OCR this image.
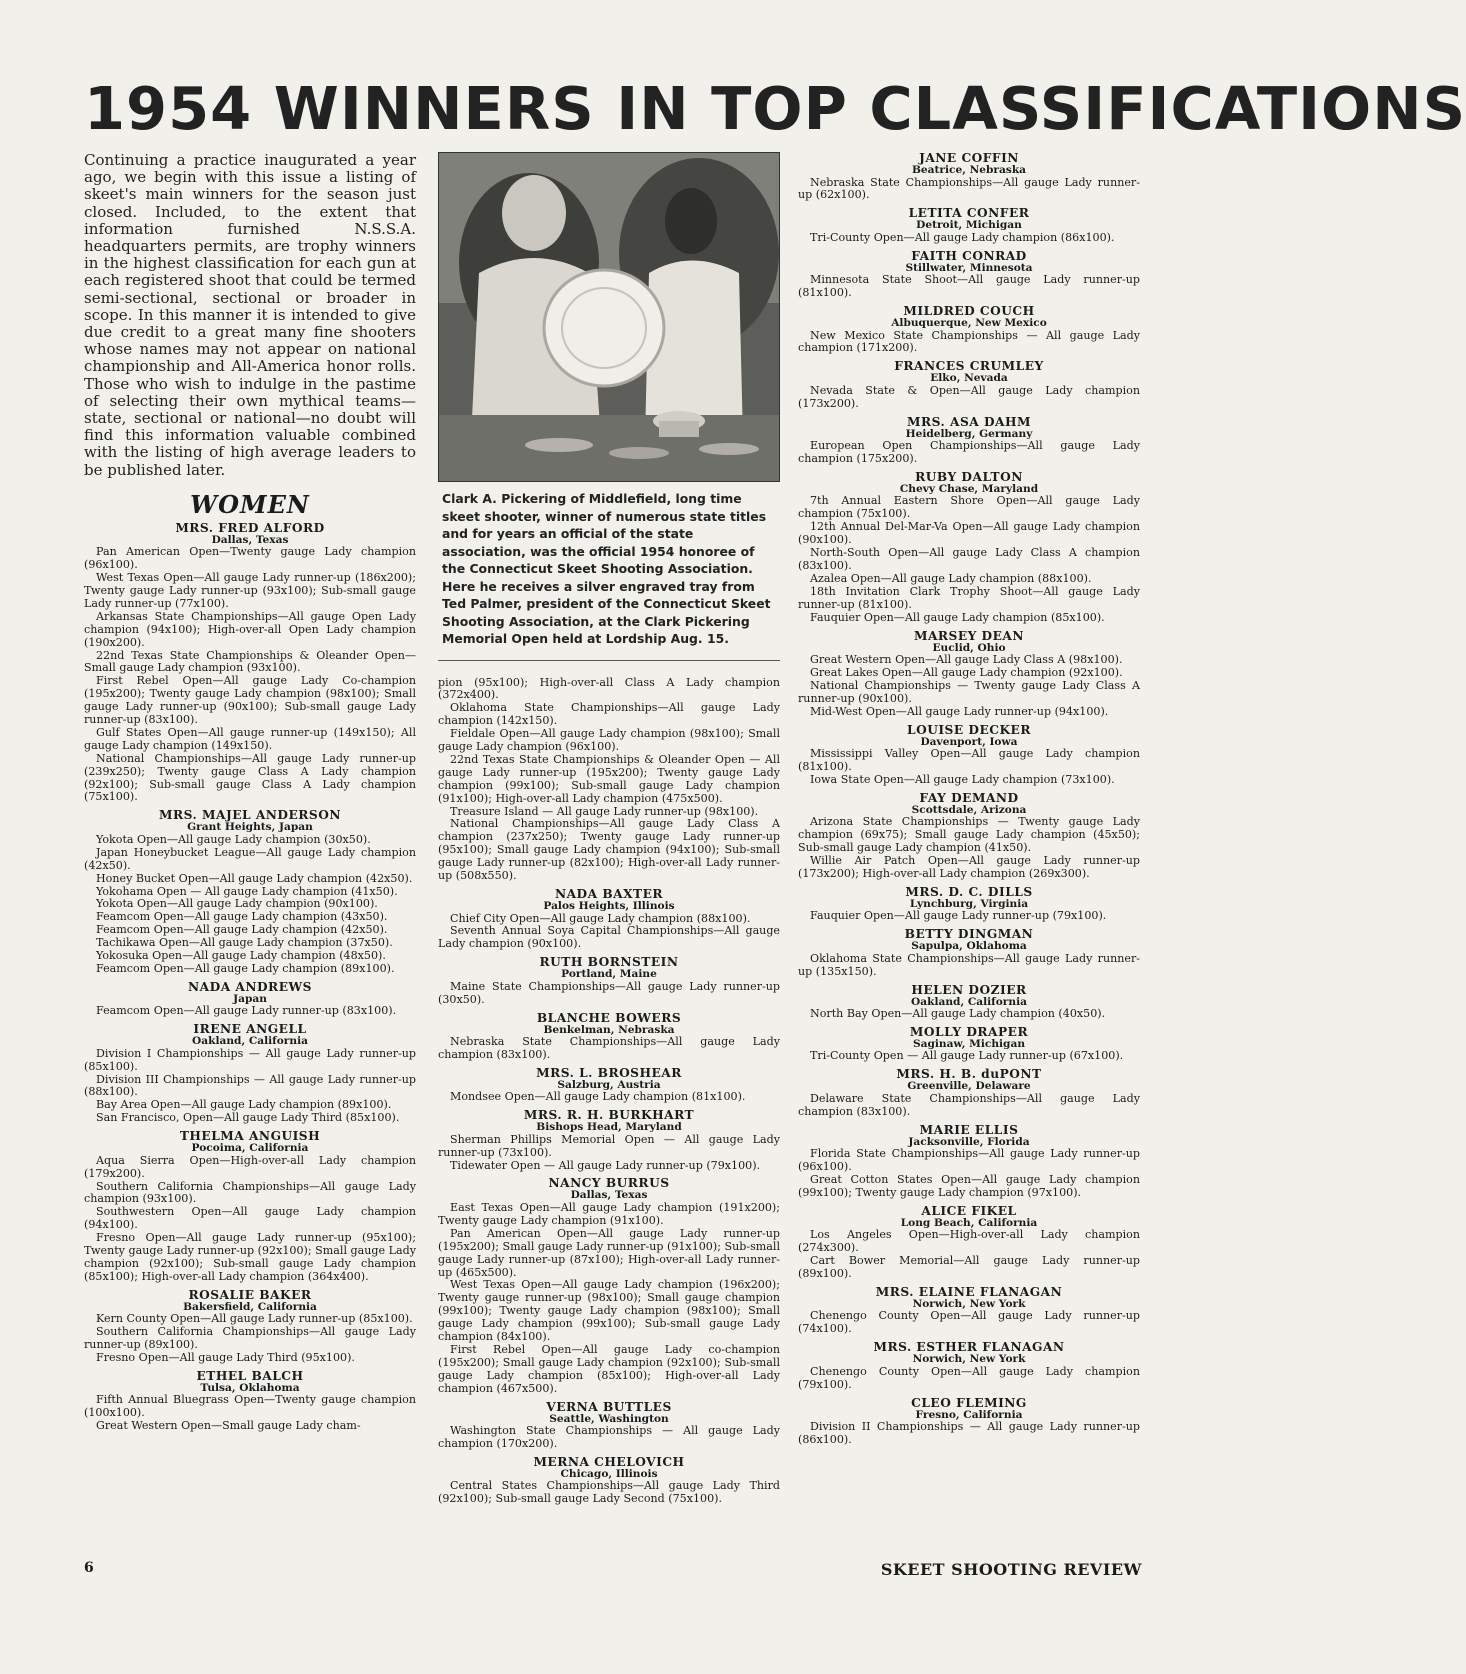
1954 WINNERS IN TOP CLASSIFICATIONS

Continuing a practice inaugurated a year ago, we begin with this issue a listing of skeet's main winners for the season just closed. Included, to the extent that information furnished N.S.S.A. headquarters permits, are trophy winners in the highest classification for each gun at each registered shoot that could be termed semi-sectional, sectional or broader in scope. In this manner it is intended to give due credit to a great many fine shooters whose names may not appear on national championship and All-America honor rolls. Those who wish to indulge in the pastime of selecting their own mythical teams—state, sectional or national—no doubt will find this information valuable combined with the listing of high average leaders to be published later.

WOMEN
MRS. FRED ALFORD
Dallas, Texas

Pan American Open—Twenty gauge Lady champion (96x100).

West Texas Open—All gauge Lady runner-up (186x200); Twenty gauge Lady runner-up (93x100); Sub-small gauge Lady runner-up (77x100).

Arkansas State Championships—All gauge Open Lady champion (94x100); High-over-all Open Lady champion (190x200).

22nd Texas State Championships & Oleander Open—Small gauge Lady champion (93x100).

First Rebel Open—All gauge Lady Co-champion (195x200); Twenty gauge Lady champion (98x100); Small gauge Lady runner-up (90x100); Sub-small gauge Lady runner-up (83x100).

Gulf States Open—All gauge runner-up (149x150); All gauge Lady champion (149x150).

National Championships—All gauge Lady runner-up (239x250); Twenty gauge Class A Lady champion (92x100); Sub-small gauge Class A Lady champion (75x100).

MRS. MAJEL ANDERSON
Grant Heights, Japan

Yokota Open—All gauge Lady champion (30x50).

Japan Honeybucket League—All gauge Lady champion (42x50).

Honey Bucket Open—All gauge Lady champion (42x50).

Yokohama Open — All gauge Lady champion (41x50).

Yokota Open—All gauge Lady champion (90x100).

Feamcom Open—All gauge Lady champion (43x50).

Feamcom Open—All gauge Lady champion (42x50).

Tachikawa Open—All gauge Lady champion (37x50).

Yokosuka Open—All gauge Lady champion (48x50).

Feamcom Open—All gauge Lady champion (89x100).

NADA ANDREWS
Japan

Feamcom Open—All gauge Lady runner-up (83x100).

IRENE ANGELL
Oakland, California

Division I Championships — All gauge Lady runner-up (85x100).

Division III Championships — All gauge Lady runner-up (88x100).

Bay Area Open—All gauge Lady champion (89x100).

San Francisco, Open—All gauge Lady Third (85x100).

THELMA ANGUISH
Pocoima, California

Aqua Sierra Open—High-over-all Lady champion (179x200).

Southern California Championships—All gauge Lady champion (93x100).

Southwestern Open—All gauge Lady champion (94x100).

Fresno Open—All gauge Lady runner-up (95x100); Twenty gauge Lady runner-up (92x100); Small gauge Lady champion (92x100); Sub-small gauge Lady champion (85x100); High-over-all Lady champion (364x400).

ROSALIE BAKER
Bakersfield, California

Kern County Open—All gauge Lady runner-up (85x100).

Southern California Championships—All gauge Lady runner-up (89x100).

Fresno Open—All gauge Lady Third (95x100).

ETHEL BALCH
Tulsa, Oklahoma

Fifth Annual Bluegrass Open—Twenty gauge champion (100x100).

Great Western Open—Small gauge Lady cham-

Clark A. Pickering of Middlefield, long time skeet shooter, winner of numerous state titles and for years an official of the state association, was the official 1954 honoree of the Connecticut Skeet Shooting Association. Here he receives a silver engraved tray from Ted Palmer, president of the Connecticut Skeet Shooting Association, at the Clark Pickering Memorial Open held at Lordship Aug. 15.

pion (95x100); High-over-all Class A Lady champion (372x400).

Oklahoma State Championships—All gauge Lady champion (142x150).

Fieldale Open—All gauge Lady champion (98x100); Small gauge Lady champion (96x100).

22nd Texas State Championships & Oleander Open — All gauge Lady runner-up (195x200); Twenty gauge Lady champion (99x100); Sub-small gauge Lady champion (91x100); High-over-all Lady champion (475x500).

Treasure Island — All gauge Lady runner-up (98x100).

National Championships—All gauge Lady Class A champion (237x250); Twenty gauge Lady runner-up (95x100); Small gauge Lady champion (94x100); Sub-small gauge Lady runner-up (82x100); High-over-all Lady runner-up (508x550).

NADA BAXTER
Palos Heights, Illinois

Chief City Open—All gauge Lady champion (88x100).

Seventh Annual Soya Capital Championships—All gauge Lady champion (90x100).

RUTH BORNSTEIN
Portland, Maine

Maine State Championships—All gauge Lady runner-up (30x50).

BLANCHE BOWERS
Benkelman, Nebraska

Nebraska State Championships—All gauge Lady champion (83x100).

MRS. L. BROSHEAR
Salzburg, Austria

Mondsee Open—All gauge Lady champion (81x100).

MRS. R. H. BURKHART
Bishops Head, Maryland

Sherman Phillips Memorial Open — All gauge Lady runner-up (73x100).

Tidewater Open — All gauge Lady runner-up (79x100).

NANCY BURRUS
Dallas, Texas

East Texas Open—All gauge Lady champion (191x200); Twenty gauge Lady champion (91x100).

Pan American Open—All gauge Lady runner-up (195x200); Small gauge Lady runner-up (91x100); Sub-small gauge Lady runner-up (87x100); High-over-all Lady runner-up (465x500).

West Texas Open—All gauge Lady champion (196x200); Twenty gauge runner-up (98x100); Small gauge champion (99x100); Twenty gauge Lady champion (98x100); Small gauge Lady champion (99x100); Sub-small gauge Lady champion (84x100).

First Rebel Open—All gauge Lady co-champion (195x200); Small gauge Lady champion (92x100); Sub-small gauge Lady champion (85x100); High-over-all Lady champion (467x500).

VERNA BUTTLES
Seattle, Washington

Washington State Championships — All gauge Lady champion (170x200).

MERNA CHELOVICH
Chicago, Illinois

Central States Championships—All gauge Lady Third (92x100); Sub-small gauge Lady Second (75x100).

JANE COFFIN
Beatrice, Nebraska

Nebraska State Championships—All gauge Lady runner-up (62x100).

LETITA CONFER
Detroit, Michigan

Tri-County Open—All gauge Lady champion (86x100).

FAITH CONRAD
Stillwater, Minnesota

Minnesota State Shoot—All gauge Lady runner-up (81x100).

MILDRED COUCH
Albuquerque, New Mexico

New Mexico State Championships — All gauge Lady champion (171x200).

FRANCES CRUMLEY
Elko, Nevada

Nevada State & Open—All gauge Lady champion (173x200).

MRS. ASA DAHM
Heidelberg, Germany

European Open Championships—All gauge Lady champion (175x200).

RUBY DALTON
Chevy Chase, Maryland

7th Annual Eastern Shore Open—All gauge Lady champion (75x100).

12th Annual Del-Mar-Va Open—All gauge Lady champion (90x100).

North-South Open—All gauge Lady Class A champion (83x100).

Azalea Open—All gauge Lady champion (88x100).

18th Invitation Clark Trophy Shoot—All gauge Lady runner-up (81x100).

Fauquier Open—All gauge Lady champion (85x100).

MARSEY DEAN
Euclid, Ohio

Great Western Open—All gauge Lady Class A (98x100).

Great Lakes Open—All gauge Lady champion (92x100).

National Championships — Twenty gauge Lady Class A runner-up (90x100).

Mid-West Open—All gauge Lady runner-up (94x100).

LOUISE DECKER
Davenport, Iowa

Mississippi Valley Open—All gauge Lady champion (81x100).

Iowa State Open—All gauge Lady champion (73x100).

FAY DEMAND
Scottsdale, Arizona

Arizona State Championships — Twenty gauge Lady champion (69x75); Small gauge Lady champion (45x50); Sub-small gauge Lady champion (41x50).

Willie Air Patch Open—All gauge Lady runner-up (173x200); High-over-all Lady champion (269x300).

MRS. D. C. DILLS
Lynchburg, Virginia

Fauquier Open—All gauge Lady runner-up (79x100).

BETTY DINGMAN
Sapulpa, Oklahoma

Oklahoma State Championships—All gauge Lady runner-up (135x150).

HELEN DOZIER
Oakland, California

North Bay Open—All gauge Lady champion (40x50).

MOLLY DRAPER
Saginaw, Michigan

Tri-County Open — All gauge Lady runner-up (67x100).

MRS. H. B. duPONT
Greenville, Delaware

Delaware State Championships—All gauge Lady champion (83x100).

MARIE ELLIS
Jacksonville, Florida

Florida State Championships—All gauge Lady runner-up (96x100).

Great Cotton States Open—All gauge Lady champion (99x100); Twenty gauge Lady champion (97x100).

ALICE FIKEL
Long Beach, California

Los Angeles Open—High-over-all Lady champion (274x300).

Cart Bower Memorial—All gauge Lady runner-up (89x100).

MRS. ELAINE FLANAGAN
Norwich, New York

Chenengo County Open—All gauge Lady runner-up (74x100).

MRS. ESTHER FLANAGAN
Norwich, New York

Chenengo County Open—All gauge Lady champion (79x100).

CLEO FLEMING
Fresno, California

Division II Championships — All gauge Lady runner-up (86x100).

6	SKEET SHOOTING REVIEW
